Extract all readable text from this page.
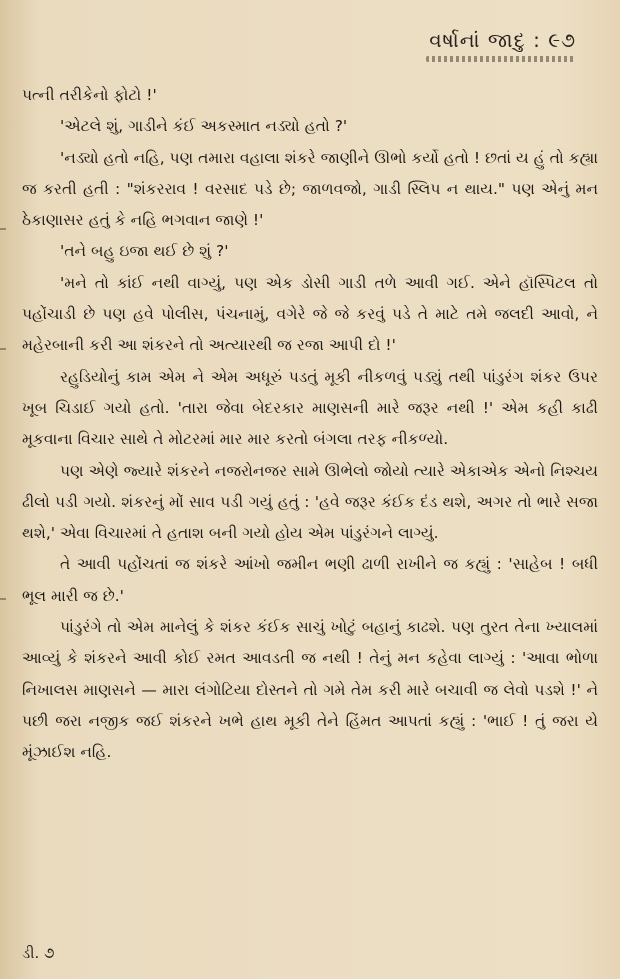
વર્ષાનાં જાદુ : ૯૭

પત્ની તરીકેનો ફોટો !'

'એટલે શું, ગાડીને કંઈ અકસ્માત નડ્યો હતો ?'

'નડ્યો હતો નહિ, પણ તમારા વહાલા શંકરે જાણીને ઊભો કર્યો હતો ! છતાં ય હું તો કહ્યા જ કરતી હતી : "શંકરરાવ ! વરસાદ પડે છે; જાળવજો, ગાડી સ્લિપ ન થાય." પણ એનું મન ઠેકાણાસર હતું કે નહિ ભગવાન જાણે !'

'તને બહુ ઇજા થઈ છે શું ?'

'મને તો કાંઈ નથી વાગ્યું, પણ એક ડોસી ગાડી તળે આવી ગઈ. એને હૉસ્પિટલ તો પહોંચાડી છે પણ હવે પોલીસ, પંચનામું, વગેરે જે જે કરવું પડે તે માટે તમે જલદી આવો, ને મહેરબાની કરી આ શંકરને તો અત્યારથી જ રજા આપી દો !'

રહુડિયોનું કામ એમ ને એમ અધૂરું પડતું મૂકી નીકળવું પડ્યું તથી પાંડુરંગ શંકર ઉપર ખૂબ ચિડાઈ ગયો હતો. 'તારા જેવા બેદરકાર માણસની મારે જરૂર નથી !' એમ કહી કાઢી મૂકવાના વિચાર સાથે તે મોટરમાં માર માર કરતો બંગલા તરફ નીકળ્યો.

પણ એણે જ્યારે શંકરને નજરોનજર સામે ઊભેલો જોયો ત્યારે એકાએક એનો નિશ્ચય ઢીલો પડી ગયો. શંકરનું મોં સાવ પડી ગયું હતું : 'હવે જરૂર કંઈક દંડ થશે, અગર તો ભારે સજા થશે,' એવા વિચારમાં તે હતાશ બની ગયો હોય એમ પાંડુરંગને લાગ્યું.

તે આવી પહોંચતાં જ શંકરે આંખો જમીન ભણી ઢાળી રાખીને જ કહ્યું : 'સાહેબ ! બધી ભૂલ મારી જ છે.'

પાંડુરંગે તો એમ માનેલું કે શંકર કંઈક સાચું ખોટું બહાનું કાઢશે. પણ તુરત તેના ખ્યાલમાં આવ્યું કે શંકરને આવી કોઈ રમત આવડતી જ નથી ! તેનું મન કહેવા લાગ્યું : 'આવા ભોળા નિખાલસ માણસને — મારા લંગોટિયા દોસ્તને તો ગમે તેમ કરી મારે બચાવી જ લેવો પડશે !' ને પછી જરા નજીક જઈ શંકરને ખભે હાથ મૂકી તેને હિંમત આપતાં કહ્યું : 'ભાઈ ! તું જરા યે મૂંઝાઈશ નહિ.

ડી. ૭
